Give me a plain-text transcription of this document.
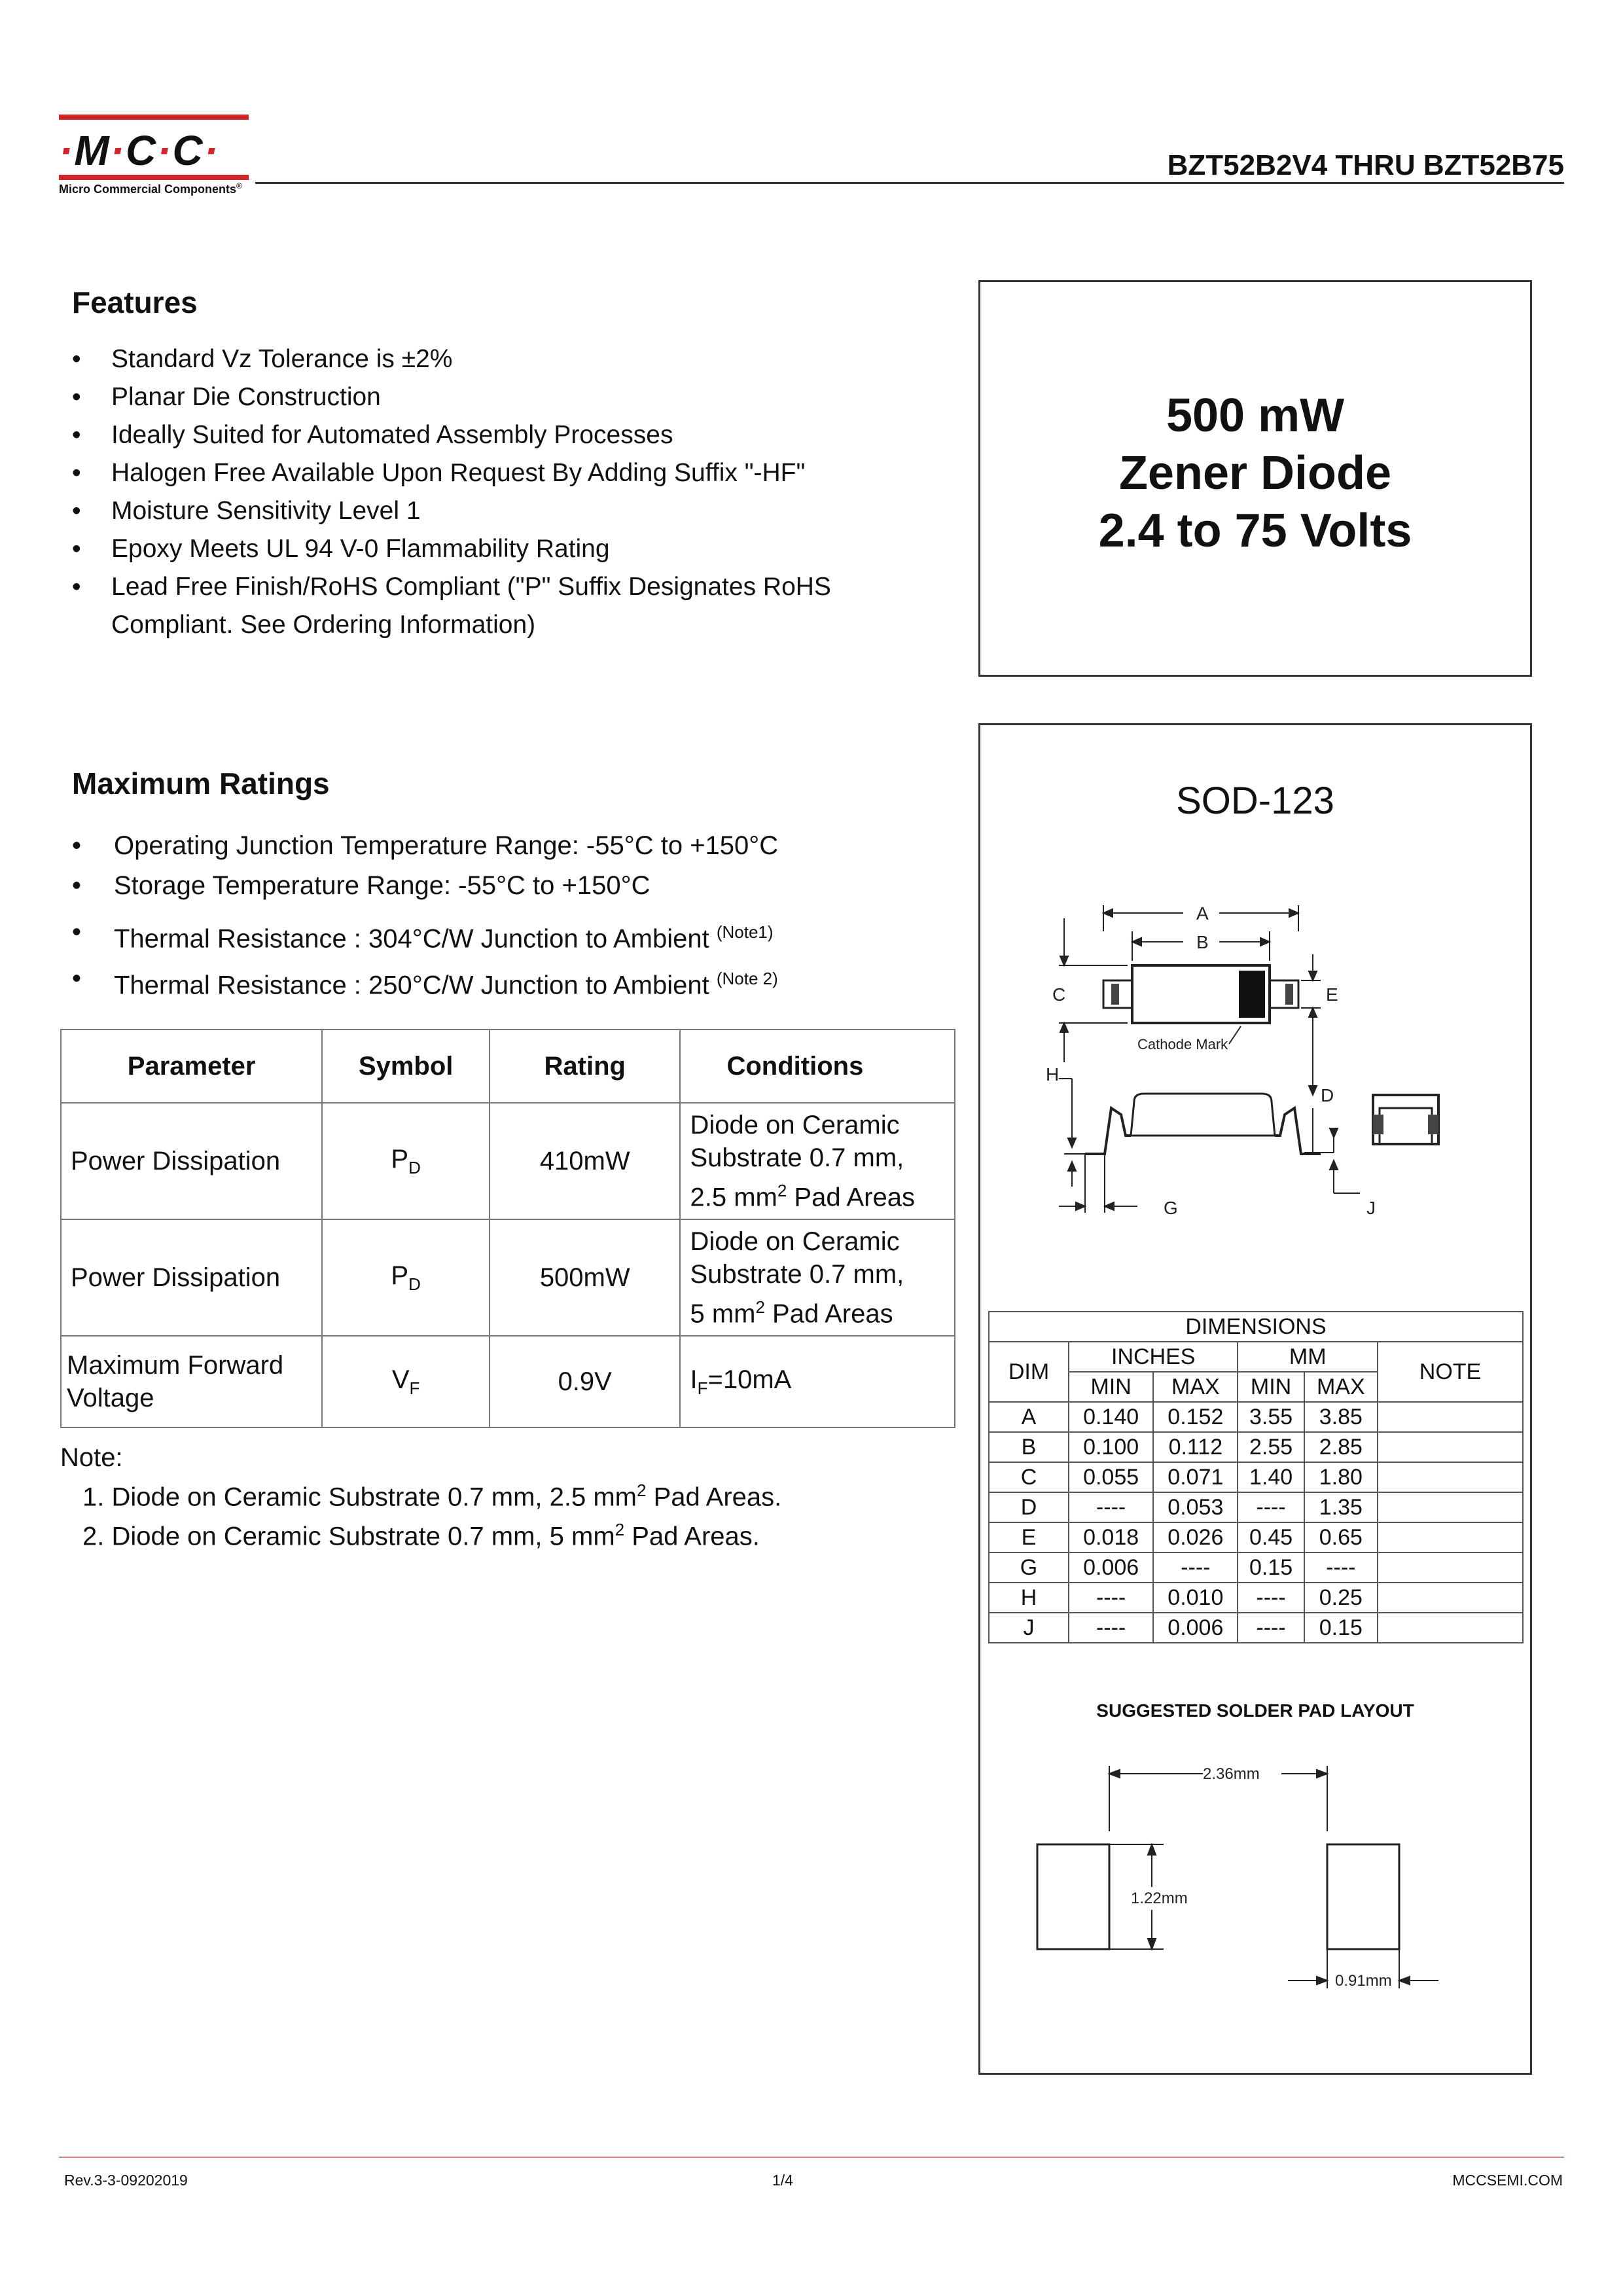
·M·C·C·
Micro Commercial Components®
BZT52B2V4 THRU BZT52B75
Features
• Standard Vz Tolerance is ±2%
• Planar Die Construction
• Ideally Suited for Automated Assembly Processes
• Halogen Free Available Upon Request By Adding Suffix "-HF"
• Moisture Sensitivity Level 1
• Epoxy Meets UL 94 V-0 Flammability Rating
• Lead Free Finish/RoHS Compliant ("P" Suffix Designates RoHS Compliant. See Ordering Information)
500 mW
Zener Diode
2.4 to 75 Volts
Maximum Ratings
• Operating Junction Temperature Range: -55°C to +150°C
• Storage Temperature Range: -55°C to +150°C
• Thermal Resistance : 304°C/W Junction to Ambient $^{(Note1)}$
• Thermal Resistance : 250°C/W Junction to Ambient $^{(Note 2)}$
Parameter	Symbol	Rating	Conditions
Power Dissipation	$P_D$	410mW	Diode on Ceramic
Substrate 0.7 mm,
2.5 $mm^2$ Pad Areas
Power Dissipation	$P_D$	500mW	Diode on Ceramic
Substrate 0.7 mm,
5 $mm^2$ Pad Areas
Maximum Forward
Voltage	$V_F$	0.9V	$I_F=10mA$
Note:
1. Diode on Ceramic Substrate 0.7 mm, 2.5 $mm^2$ Pad Areas.
2. Diode on Ceramic Substrate 0.7 mm, 5 $mm^2$ Pad Areas.
SOD-123
A
B
C	E
Cathode Mark
H
D
G	J
DIMENSIONS					
DIM	INCHES		MM		NOTE
	MIN	MAX	MIN	MAX	
A	0.140	0.152	3.55	3.85	
B	0.100	0.112	2.55	2.85	
C	0.055	0.071	1.40	1.80	
D	----	0.053	----	1.35	
E	0.018	0.026	0.45	0.65	
G	0.006	----	0.15	----	
H	----	0.010	----	0.25	
J	----	0.006	----	0.15	
SUGGESTED SOLDER PAD LAYOUT
2.36mm
1.22mm
0.91mm
Rev.3-3-09202019	1/4	MCCSEMI.COM
